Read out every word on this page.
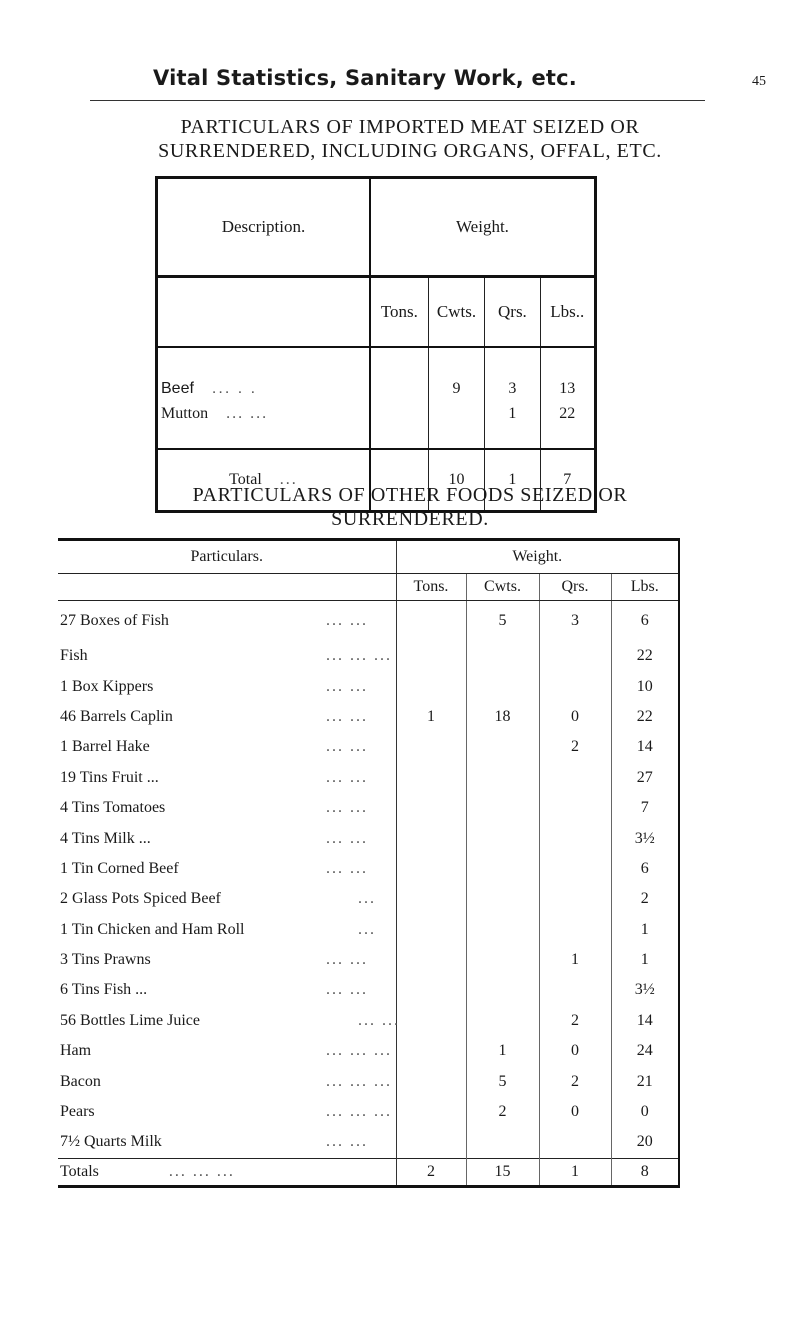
Vital Statistics, Sanitary Work, etc.	45
PARTICULARS OF IMPORTED MEAT SEIZED OR
SURRENDERED, INCLUDING ORGANS, OFFAL, ETC.
Description.	Weight.			
	Tons.	Cwts.	Qrs.	Lbs..

Beef ... . .		9	3	13
Mutton ... ...			1	22

Total ...		10	1	7
PARTICULARS OF OTHER FOODS SEIZED OR
SURRENDERED.
Particulars.	Weight.			
	Tons.	Cwts.	Qrs.	Lbs.
27 Boxes of Fish ... ...		5	3	6
Fish ... ... ...				22
1 Box Kippers ... ...				10
46 Barrels Caplin ... ...	1	18	0	22
1 Barrel Hake ... ...			2	14
19 Tins Fruit ... ... ...				27
4 Tins Tomatoes ... ...				7
4 Tins Milk ... ... ...				3½
1 Tin Corned Beef ... ...				6
2 Glass Pots Spiced Beef ...				2
1 Tin Chicken and Ham Roll ...				1
3 Tins Prawns ... ...			1	1
6 Tins Fish ... ... ...				3½
56 Bottles Lime Juice ... ...			2	14
Ham ... ... ...		1	0	24
Bacon ... ... ...		5	2	21
Pears ... ... ...		2	0	0
7½ Quarts Milk ... ...				20
Totals ... ... ...	2	15	1	8
